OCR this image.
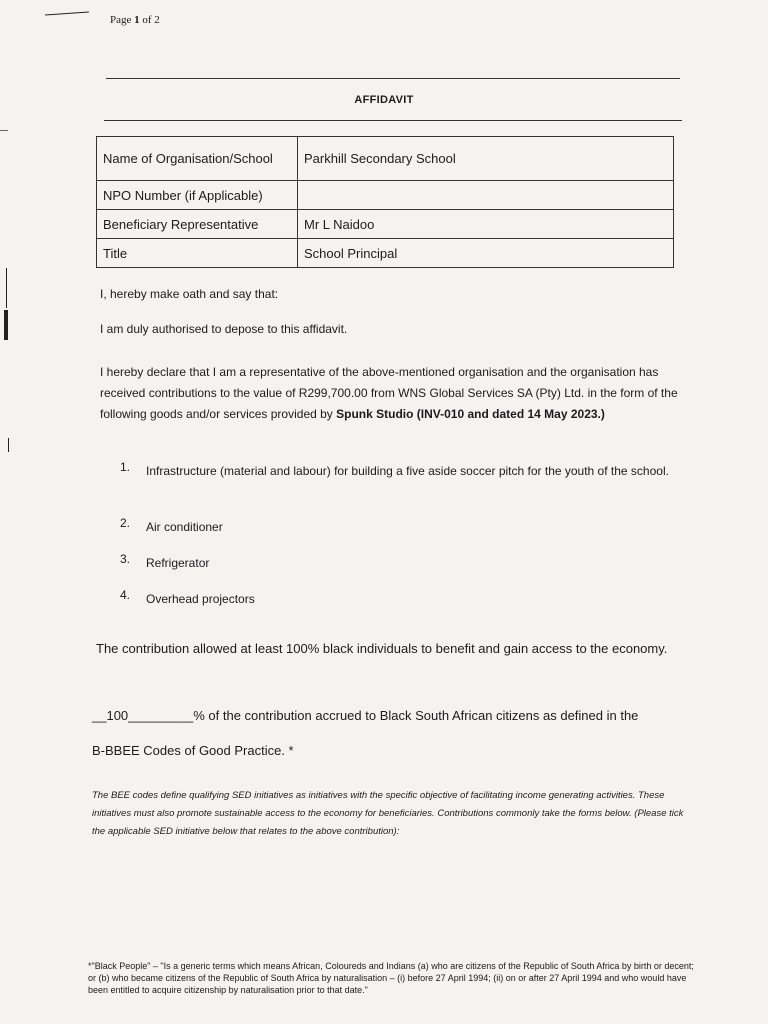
Page 1 of 2
AFFIDAVIT
Name of Organisation/School	Parkhill Secondary School
NPO Number (if Applicable)	
Beneficiary Representative	Mr L Naidoo
Title	School Principal
I, hereby make oath and say that:
I am duly authorised to depose to this affidavit.
I hereby declare that I am a representative of the above-mentioned organisation and the organisation has received contributions to the value of R299,700.00 from WNS Global Services SA (Pty) Ltd. in the form of the following goods and/or services provided by Spunk Studio (INV-010 and dated 14 May 2023.)
1.	Infrastructure (material and labour) for building a five aside soccer pitch for the youth of the school.
2.	Air conditioner
3.	Refrigerator
4.	Overhead projectors
The contribution allowed at least 100% black individuals to benefit and gain access to the economy.
__100_________% of the contribution accrued to Black South African citizens as defined in the
B-BBEE Codes of Good Practice. *
The BEE codes define qualifying SED initiatives as initiatives with the specific objective of facilitating income generating activities. These initiatives must also promote sustainable access to the economy for beneficiaries. Contributions commonly take the forms below. (Please tick the applicable SED initiative below that relates to the above contribution):
*"Black People" – "Is a generic terms which means African, Coloureds and Indians (a) who are citizens of the Republic of South Africa by birth or decent; or (b) who became citizens of the Republic of South Africa by naturalisation – (i) before 27 April 1994; (ii) on or after 27 April 1994 and who would have been entitled to acquire citizenship by naturalisation prior to that date."
